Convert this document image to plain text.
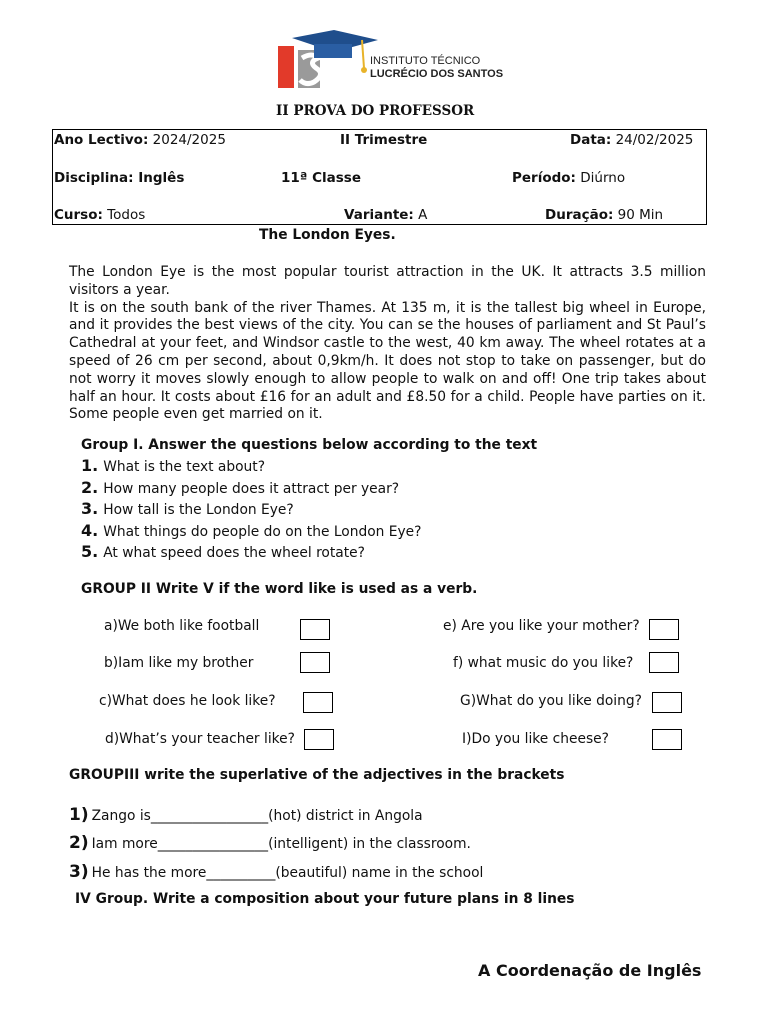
INSTITUTO TÉCNICO
LUCRÉCIO DOS SANTOS
II PROVA DO PROFESSOR
Ano Lectivo: 2024/2025	II Trimestre	Data: 24/02/2025
Disciplina: Inglês	11ª Classe	Período: Diúrno
Curso: Todos	Variante: A	Duração: 90 Min
The London Eyes.

The London Eye is the most popular tourist attraction in the UK. It attracts 3.5 million visitors a year.

It is on the south bank of the river Thames. At 135 m, it is the tallest big wheel in Europe, and it provides the best views of the city. You can se the houses of parliament and St Paul’s Cathedral at your feet, and Windsor castle to the west, 40 km away. The wheel rotates at a speed of 26 cm per second, about 0,9km/h. It does not stop to take on passenger, but do not worry it moves slowly enough to allow people to walk on and off! One trip takes about half an hour. It costs about £16 for an adult and £8.50 for a child. People have parties on it. Some people even get married on it.

Group I. Answer the questions below according to the text
1. What is the text about?
2. How many people does it attract per year?
3. How tall is the London Eye?
4. What things do people do on the London Eye?
5. At what speed does the wheel rotate?
GROUP II Write V if the word like is used as a verb.
a)We both like football	e) Are you like your mother?
b)Iam like my brother	f) what music do you like?
c)What does he look like?	G)What do you like doing?
d)What’s your teacher like?	I)Do you like cheese?
GROUPIII write the superlative of the adjectives in the brackets
1) Zango is_________________(hot) district in Angola
2) Iam more________________(intelligent) in the classroom.
3) He has the more__________(beautiful) name in the school
IV Group. Write a composition about your future plans in 8 lines
A Coordenação de Inglês
